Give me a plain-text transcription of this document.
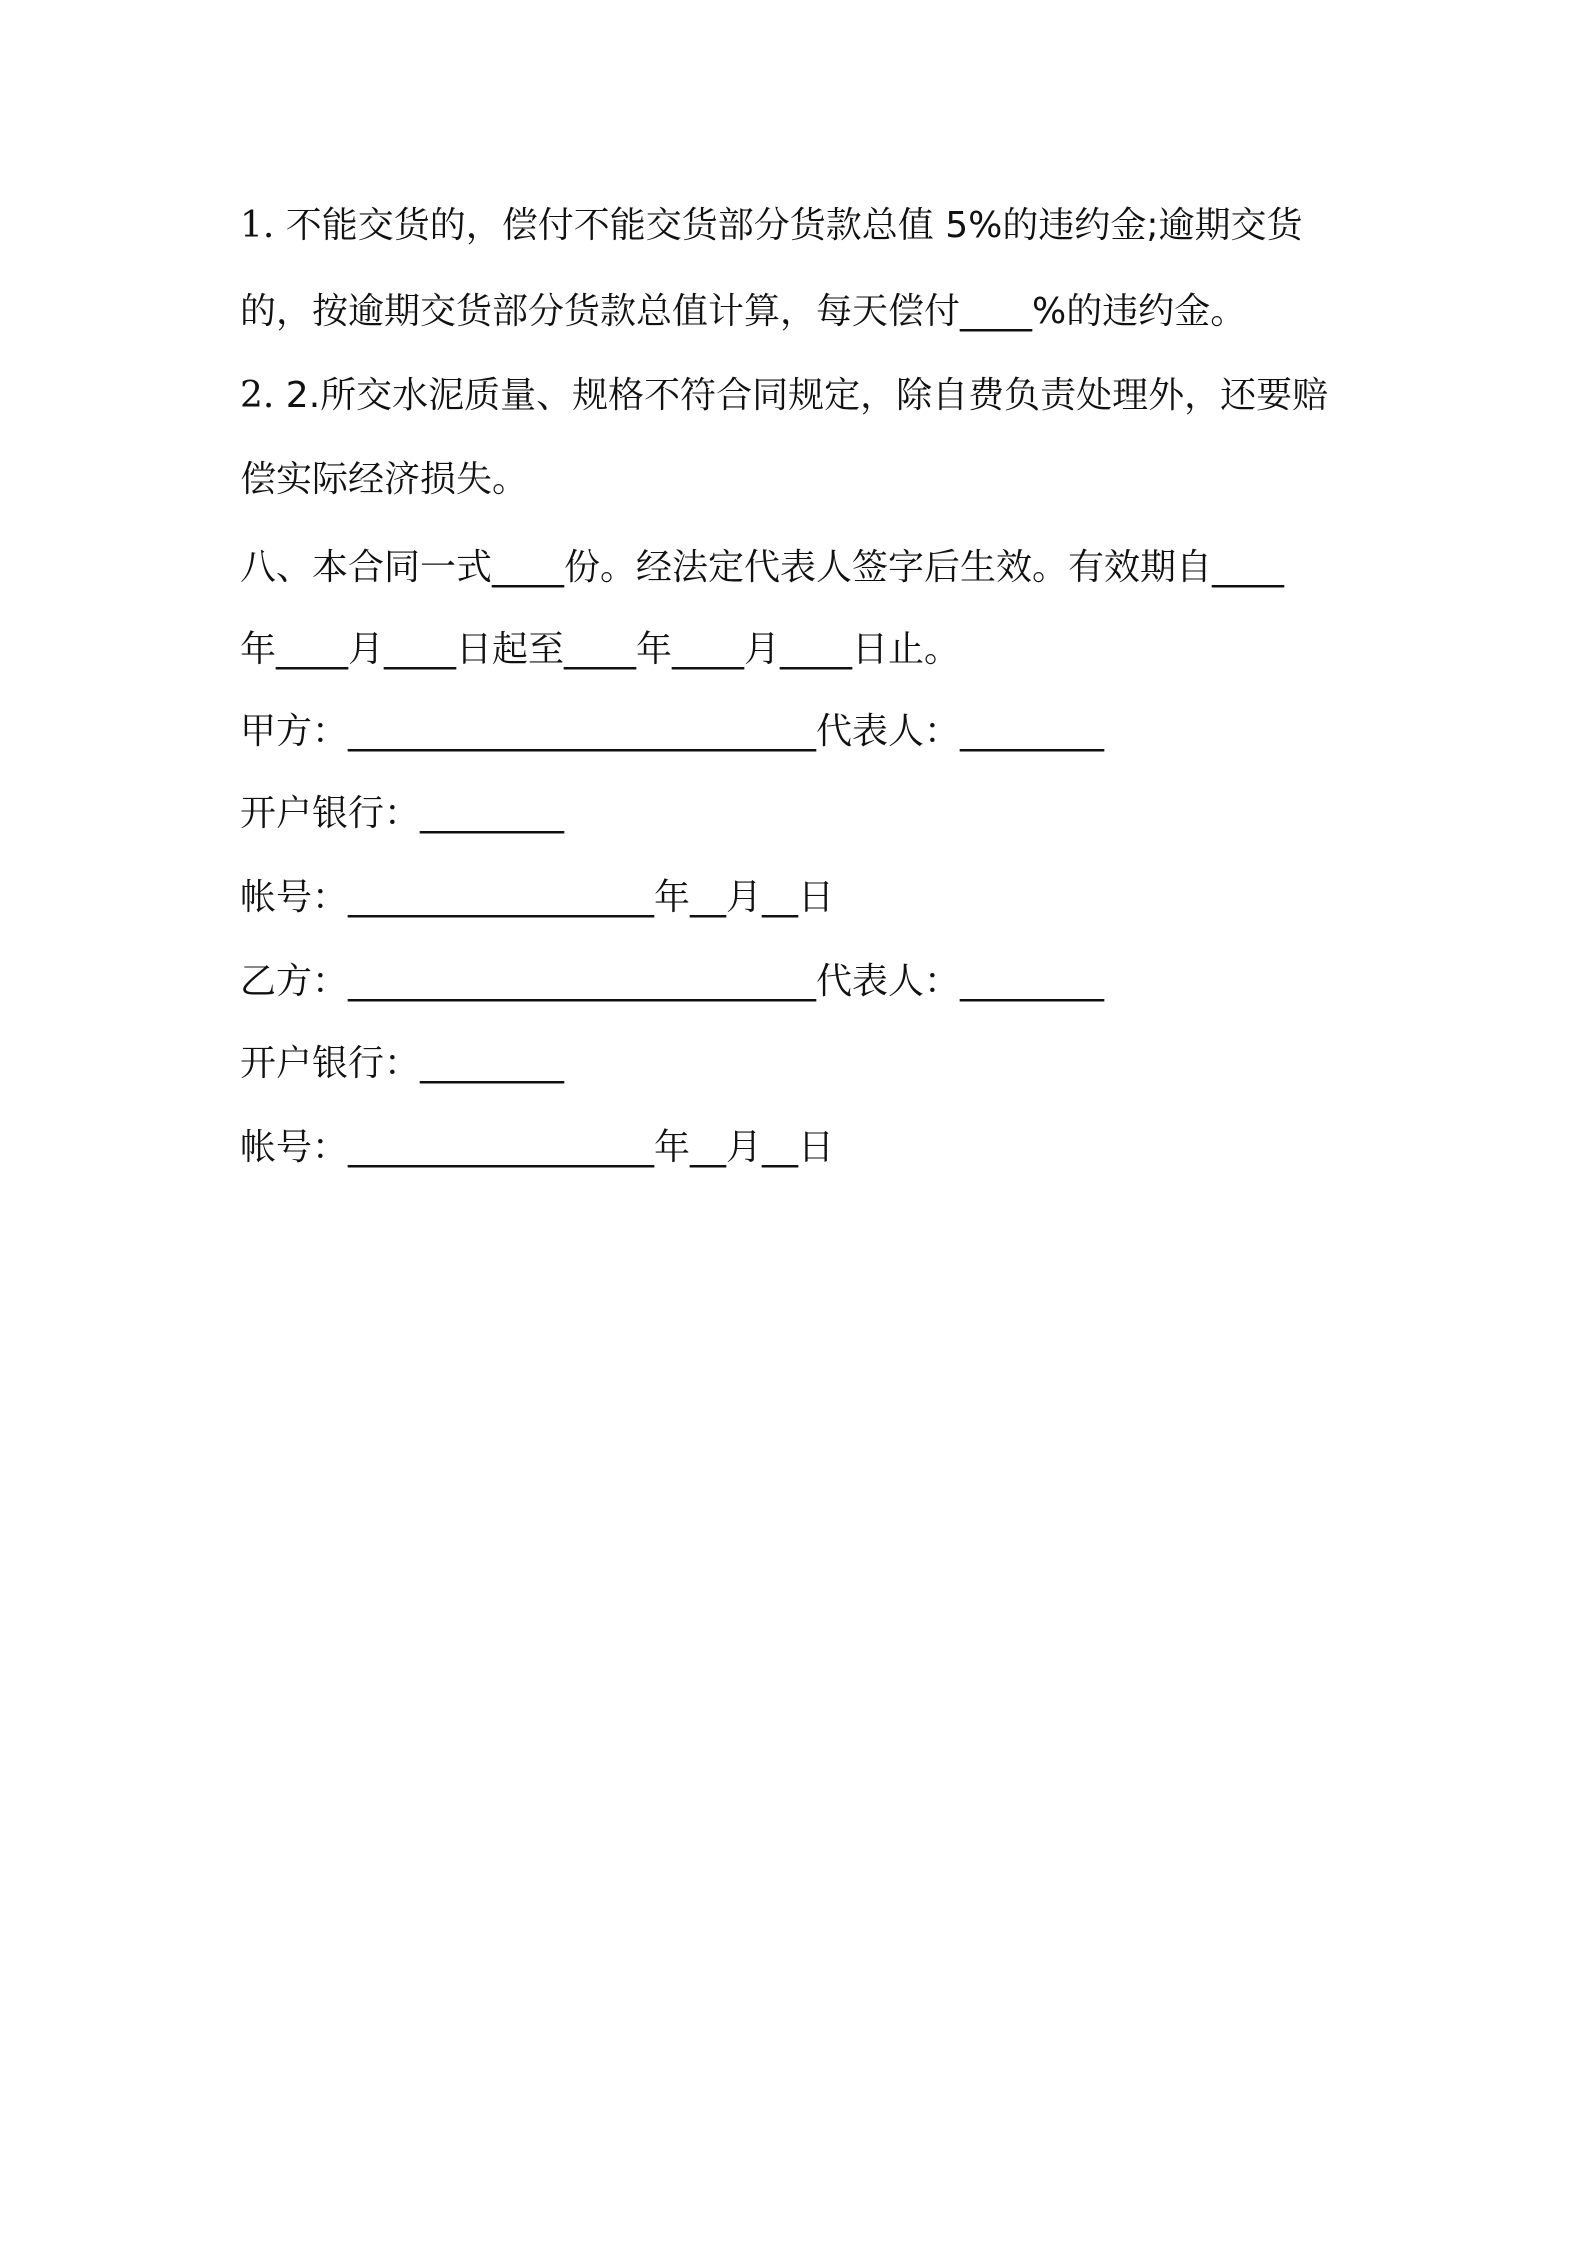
1. 不能交货的，偿付不能交货部分货款总值 5%的违约金;逾期交货
的，按逾期交货部分货款总值计算，每天偿付____%的违约金。
2. 2.所交水泥质量、规格不符合同规定，除自费负责处理外，还要赔
偿实际经济损失。
八、本合同一式____份。经法定代表人签字后生效。有效期自____
年____月____日起至____年____月____日止。
甲方：__________________________代表人：________
开户银行：________
帐号：_________________年__月__日
乙方：__________________________代表人：________
开户银行：________
帐号：_________________年__月__日
